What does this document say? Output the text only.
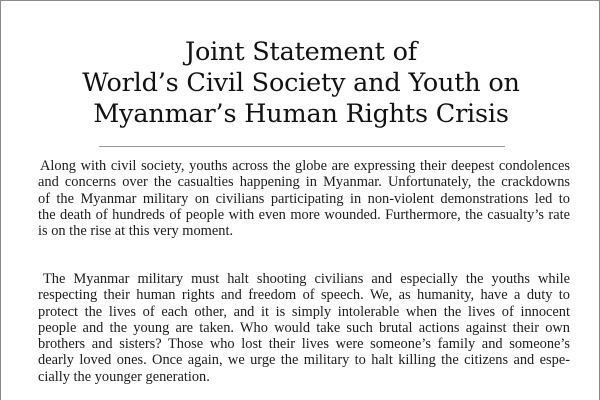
Joint Statement of
World’s Civil Society and Youth on
Myanmar’s Human Rights Crisis
Along with civil society, youths across the globe are expressing their deepest condolences
and concerns over the casualties happening in Myanmar. Unfortunately, the crackdowns
of the Myanmar military on civilians participating in non-violent demonstrations led to
the death of hundreds of people with even more wounded. Furthermore, the casualty’s rate
is on the rise at this very moment.
The Myanmar military must halt shooting civilians and especially the youths while
respecting their human rights and freedom of speech. We, as humanity, have a duty to
protect the lives of each other, and it is simply intolerable when the lives of innocent
people and the young are taken. Who would take such brutal actions against their own
brothers and sisters? Those who lost their lives were someone’s family and someone’s
dearly loved ones. Once again, we urge the military to halt killing the citizens and espe-
cially the younger generation.
